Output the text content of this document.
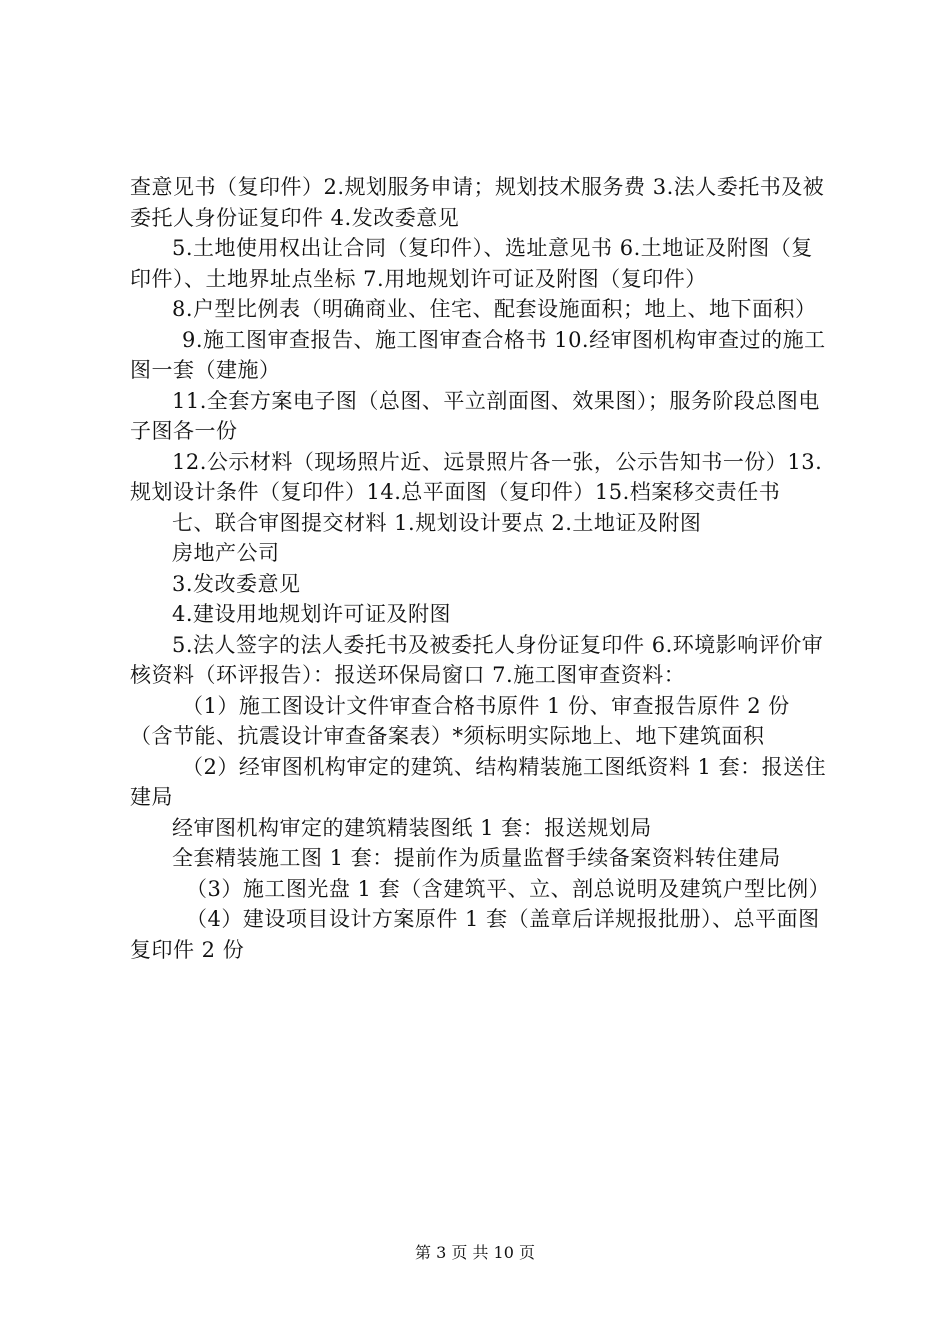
查意见书（复印件）2.规划服务申请；规划技术服务费 3.法人委托书及被委托人身份证复印件 4.发改委意见

5.土地使用权出让合同（复印件）、选址意见书 6.土地证及附图（复印件）、土地界址点坐标 7.用地规划许可证及附图（复印件）

8.户型比例表（明确商业、住宅、配套设施面积；地上、地下面积）

9.施工图审查报告、施工图审查合格书 10.经审图机构审查过的施工图一套（建施）

11.全套方案电子图（总图、平立剖面图、效果图）；服务阶段总图电子图各一份

12.公示材料（现场照片近、远景照片各一张，公示告知书一份）13.规划设计条件（复印件）14.总平面图（复印件）15.档案移交责任书

七、联合审图提交材料 1.规划设计要点 2.土地证及附图

房地产公司

3.发改委意见

4.建设用地规划许可证及附图

5.法人签字的法人委托书及被委托人身份证复印件 6.环境影响评价审核资料（环评报告）：报送环保局窗口 7.施工图审查资料：

（1）施工图设计文件审查合格书原件 1 份、审查报告原件 2 份（含节能、抗震设计审查备案表）*须标明实际地上、地下建筑面积

（2）经审图机构审定的建筑、结构精装施工图纸资料 1 套：报送住建局

经审图机构审定的建筑精装图纸 1 套：报送规划局

全套精装施工图 1 套：提前作为质量监督手续备案资料转住建局

（3）施工图光盘 1 套（含建筑平、立、剖总说明及建筑户型比例）

（4）建设项目设计方案原件 1 套（盖章后详规报批册）、总平面图复印件 2 份

第 3 页 共 10 页
